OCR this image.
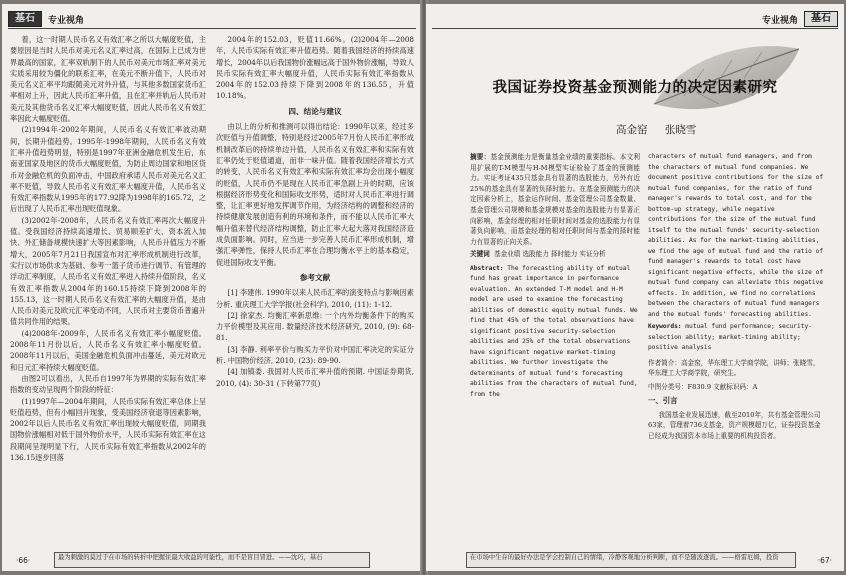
基石	专业视角

着，这一时期人民币名义有效汇率之所以大幅度贬值，主要原因是当时人民币对美元名义汇率过高，在国际上已成为世界最高的国家，汇率双轨制下的人民币对美元市场汇率对美元实质采用较为僵化的联系汇率，在美元不断升值下，人民币对美元名义汇率平均跟随美元对外升值，与其他多数国家货币汇率相对上升，因此人民币汇率升值，且在汇率并轨后人民币对美元及其他货币名义汇率大幅度贬值，因此人民币名义有效汇率因此大幅度贬值。

(2)1994年-2002年期间，人民币名义有效汇率波动期间，长期升值趋势。1995年-1998年期间，人民币名义有效汇率升值趋势明显，特别是1997年亚洲金融危机发生后，东南亚国家及地区的货币大幅度贬值，为防止周边国家和地区货币对金融危机的负面冲击，中国政府承诺人民币对美元名义汇率不贬值，导致人民币名义有效汇率大幅度升值，人民币名义有效汇率指数从1995年的177.92降为1998年的165.72，之后出现了人民币汇率出现贬值现象。

(3)2002年-2008年，人民币名义有效汇率再次大幅度升值。受我国经济持续高速增长、贸易顺差扩大、资本流入加快、外汇储备规模快速扩大等因素影响，人民币升值压力不断增大，2005年7月21日我国宣布对汇率形成机制进行改革，实行以市场供求为基础、参考一篮子货币进行调节、有管理的浮动汇率制度，人民币名义有效汇率进入持续升值阶段，名义有效汇率指数从2004年的160.15持续下降到2008年的155.13，这一时期人民币名义有效汇率的大幅度升值，是由人民币对美元及欧元汇率变动不同，人民币对主要货币普遍升值共同作用的结果。

(4)2008年-2009年，人民币名义有效汇率小幅度贬值。2008年11月份以后，人民币名义有效汇率小幅度贬值。2008年11月以后，美国金融危机负面冲击蔓延，美元对欧元和日元汇率持续大幅度贬值。

由图2可以看出，人民币自1997年为界期的实际有效汇率指数的变动呈现两个阶段的特征：

(1)1997年—2004年期间，人民币实际有效汇率总体上呈贬值趋势，但有小幅回升现象，受美国经济衰退等因素影响，2002年以后人民币名义有效汇率出现较大幅度贬值，同期我国物价涨幅相对低于国外物价水平，人民币实际有效汇率在这段期间呈现明显下行，人民币实际有效汇率指数从2002年的136.15逐步回落

2004年的152.03，贬值11.66%。(2)2004年—2008年，人民币实际有效汇率升值趋势。随着我国经济的持续高速增长，2004年以后我国物价涨幅远高于国外物价涨幅，导致人民币实际有效汇率大幅度升值，人民币实际有效汇率指数从2004年的152.03持续下降到2008年的136.55，升值10.18%。

四、结论与建议

由以上的分析和推测可以得出结论：1990年以来，经过多次贬值与升值调整，特别是经过2005年7月份人民币汇率形成机制改革后的持续单边升值，人民币名义有效汇率和实际有效汇率仍处于贬值通道，而非一味升值。随着我国经济增长方式的转变，人民币名义有效汇率和实际有效汇率均会出现小幅度的贬值，人民币仍不是现在人民币汇率急剧上升的时期，应该根据经济形势变化和国际收支形势，适时对人民币汇率进行调整，让汇率更好地发挥调节作用，为经济结构的调整和经济的持续健康发展创造有利的环境和条件，而不能以人民币汇率大幅升值来替代经济结构调整，防止汇率大起大落对我国经济造成负面影响。同时，应当进一步完善人民币汇率形成机制，增强汇率弹性，保持人民币汇率在合理均衡水平上的基本稳定，促进国际收支平衡。

参考文献

[1] 李建伟. 1990年以来人民币汇率的演变特点与影响因素分析. 重庆理工大学学报(社会科学), 2010, (11): 1-12.

[2] 徐家杰. 均衡汇率新思维: 一个内外均衡条件下的购买力平价模型及其应用. 数量经济技术经济研究, 2010, (9): 68-81.

[3] 李静. 利率平价与购买力平价对中国汇率决定的实证分析. 中国物价经济, 2010, (23): 89-90.

[4] 加镇委. 我国对人民币汇率升值的预期. 中国证券期货, 2010, (4): 30-31 (下转第77页)

最为刺激的莫过于在市场的转折中把握住最大收益的可能性，而不是盲目冒进。——沈巧，基石
·66·
专业视角	基石
我国证券投资基金预测能力的决定因素研究
高金窑 张晓雪
摘要：基金预测能力是衡量基金业绩的重要指标。本文利用扩展的T-M模型与H-M模型实证检验了基金的预测能力。实证考证435只基金具有显著的选股能力，另外有近25%的基金具有显著的负择时能力。在基金预测能力的决定因素分析上，基金运作时间、基金管理公司基金数量、基金管理公司规模和基金规模对基金的选股能力有显著正向影响，基金经理的相对任职时间对基金的选股能力有显著负向影响，而基金经理的相对任职时间与基金的择时能力有显著的正向关系。
关键词 基金业绩 选股能力 择时能力 实证分析
Abstract: The forecasting ability of mutual fund has great importance in performance evaluation. An extended T-M model and H-M model are used to examine the forecasting abilities of domestic equity mutual funds. We find that 45% of the total observations have significant positive security-selection abilities and 25% of the total observations have significant negative market-timing abilities. We further investigate the determinants of mutual fund's forecasting abilities from the characters of mutual fund, from the
characters of mutual fund managers, and from the characters of mutual fund companies. We document positive contributions for the size of mutual fund companies, for the ratio of fund manager's rewards to total cost, and for the bottom-up strategy, while negative contributions for the size of the mutual fund itself to the mutual funds' security-selection abilities. As for the market-timing abilities, we find the age of mutual fund and the ratio of fund manager's rewards to total cost have significant negative effects, while the size of mutual fund company can alleviate this negative effects. In addition, we find no correlations between the characters of mutual fund managers and the mutual funds' forecasting abilities.
Keywords: mutual fund performance; security-selection ability; market-timing ability; positive analysis
作者简介：高金窑，华东理工大学商学院，讲师；张晓雪，华东理工大学商学院，研究生。
中图分类号：F830.9 文献标识码：A
一、引言
我国基金业发展迅速，截至2010年，共有基金管理公司63家，管理着736支基金，资产规模超万亿，证券投资基金已经成为我国资本市场上重要的机构投资者。
在市场中生存的最好办法是学会控制自己的情绪，冷静客观地分析判断，而不是随波逐流。——格雷厄姆，投资	·67·
